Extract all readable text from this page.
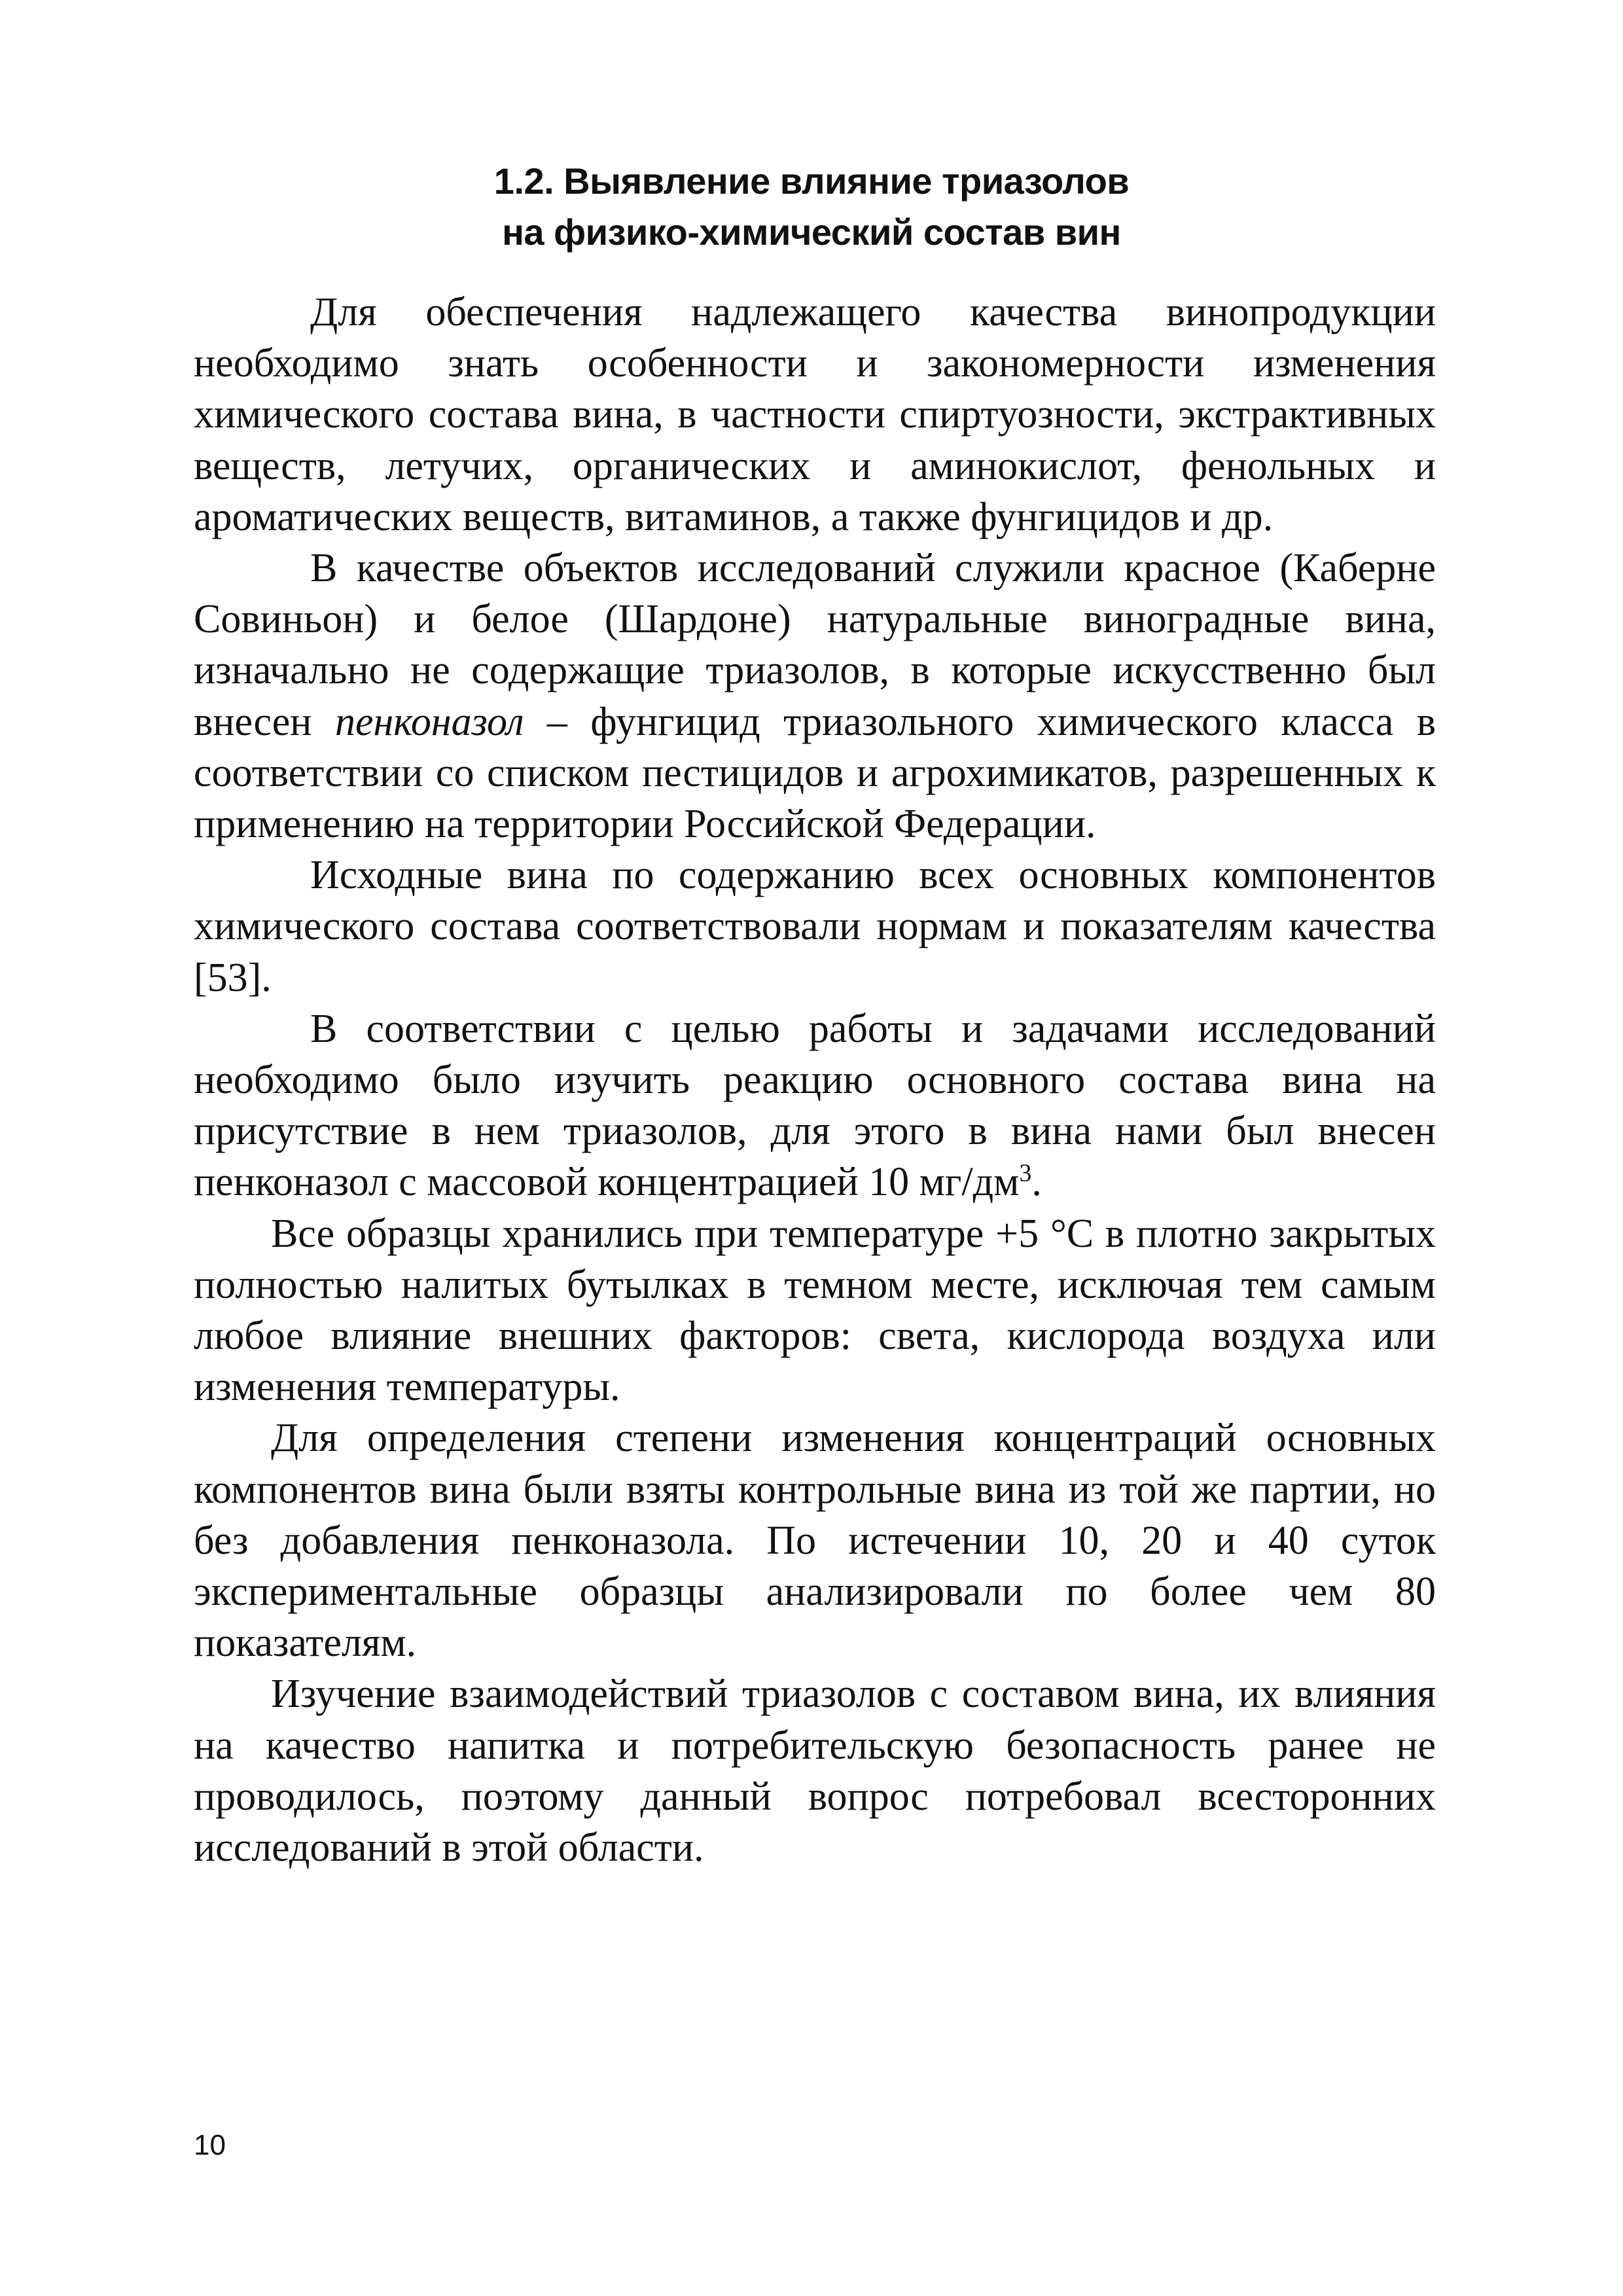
1.2. Выявление влияние триазолов
на физико-химический состав вин

Для обеспечения надлежащего качества винопродукции необходимо знать особенности и закономерности изменения химического состава вина, в частности спиртуозности, экстрактивных веществ, летучих, органических и аминокислот, фенольных и ароматических веществ, витаминов, а также фунгицидов и др.

В качестве объектов исследований служили красное (Каберне Совиньон) и белое (Шардоне) натуральные виноградные вина, изначально не содержащие триазолов, в которые искусственно был внесен пенконазол – фунгицид триазольного химического класса в соответствии со списком пестицидов и агрохимикатов, разрешенных к применению на территории Российской Федерации.

Исходные вина по содержанию всех основных компонентов химического состава соответствовали нормам и показателям качества [53].

В соответствии с целью работы и задачами исследований необходимо было изучить реакцию основного состава вина на присутствие в нем триазолов, для этого в вина нами был внесен пенконазол с массовой концентрацией 10 $мг/дм^3$.

Все образцы хранились при температуре +5 °С в плотно закрытых полностью налитых бутылках в темном месте, исключая тем самым любое влияние внешних факторов: света, кислорода воздуха или изменения температуры.

Для определения степени изменения концентраций основных компонентов вина были взяты контрольные вина из той же партии, но без добавления пенконазола. По истечении 10, 20 и 40 суток экспериментальные образцы анализировали по более чем 80 показателям.

Изучение взаимодействий триазолов с составом вина, их влияния на качество напитка и потребительскую безопасность ранее не проводилось, поэтому данный вопрос потребовал всесторонних исследований в этой области.

10
